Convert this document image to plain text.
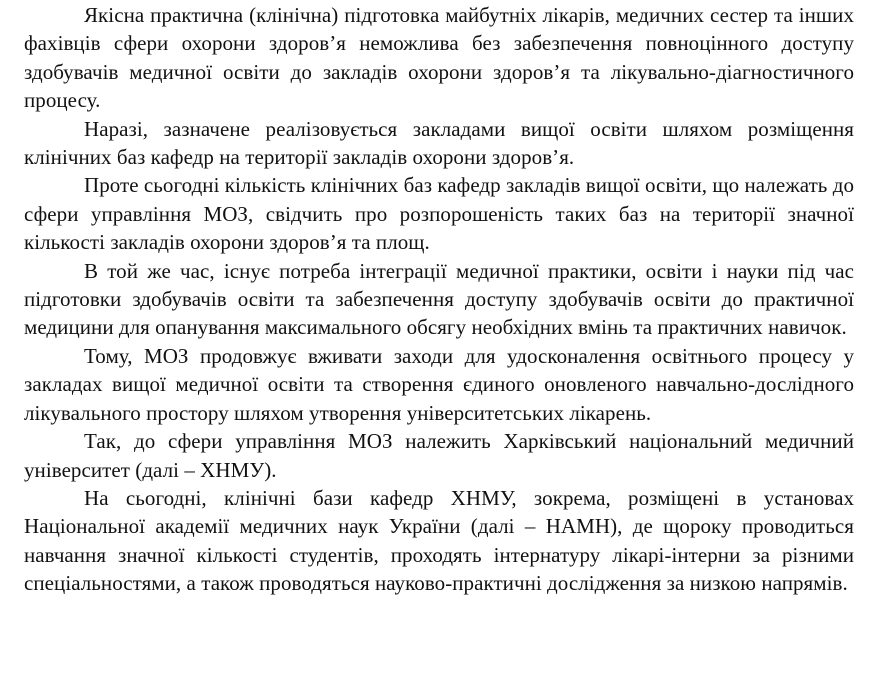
Якісна практична (клінічна) підготовка майбутніх лікарів, медичних сестер та інших фахівців сфери охорони здоров’я неможлива без забезпечення повноцінного доступу здобувачів медичної освіти до закладів охорони здоров’я та лікувально-діагностичного процесу.

Наразі, зазначене реалізовується закладами вищої освіти шляхом розміщення клінічних баз кафедр на території закладів охорони здоров’я.

Проте сьогодні кількість клінічних баз кафедр закладів вищої освіти, що належать до сфери управління МОЗ, свідчить про розпорошеність таких баз на території значної кількості закладів охорони здоров’я та площ.

В той же час, існує потреба інтеграції медичної практики, освіти і науки під час підготовки здобувачів освіти та забезпечення доступу здобувачів освіти до практичної медицини для опанування максимального обсягу необхідних вмінь та практичних навичок.

Тому, МОЗ продовжує вживати заходи для удосконалення освітнього процесу у закладах вищої медичної освіти та створення єдиного оновленого навчально-дослідного лікувального простору шляхом утворення університетських лікарень.

Так, до сфери управління МОЗ належить Харківський національний медичний університет (далі – ХНМУ).

На сьогодні, клінічні бази кафедр ХНМУ, зокрема, розміщені в установах Національної академії медичних наук України (далі – НАМН), де щороку проводиться навчання значної кількості студентів, проходять інтернатуру лікарі-інтерни за різними спеціальностями, а також проводяться науково-практичні дослідження за низкою напрямів.
